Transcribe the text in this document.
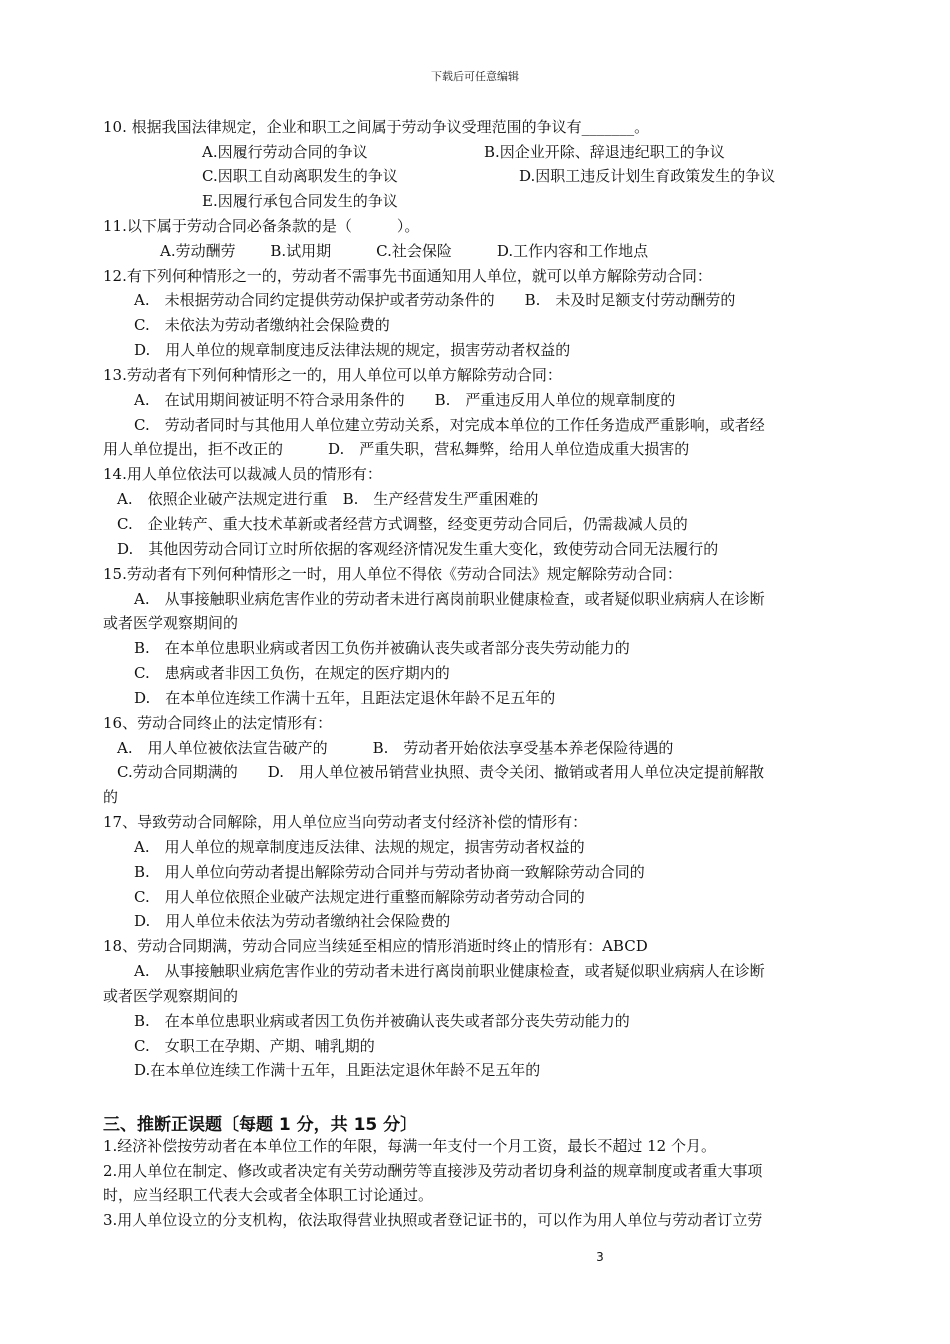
下载后可任意编辑
10. 根据我国法律规定，企业和职工之间属于劳动争议受理范围的争议有_______。
A.因履行劳动合同的争议	B.因企业开除、辞退违纪职工的争议
C.因职工自动离职发生的争议	D.因职工违反计划生育政策发生的争议
E.因履行承包合同发生的争议
11.以下属于劳动合同必备条款的是（　　　）。
A.劳动酬劳　　 B.试用期　　　C.社会保险　　　D.工作内容和工作地点
12.有下列何种情形之一的，劳动者不需事先书面通知用人单位，就可以单方解除劳动合同：
A.　未根据劳动合同约定提供劳动保护或者劳动条件的　　B.　未及时足额支付劳动酬劳的
C.　未依法为劳动者缴纳社会保险费的
D.　用人单位的规章制度违反法律法规的规定，损害劳动者权益的
13.劳动者有下列何种情形之一的，用人单位可以单方解除劳动合同：
A.　在试用期间被证明不符合录用条件的　　B.　严重违反用人单位的规章制度的
C.　劳动者同时与其他用人单位建立劳动关系，对完成本单位的工作任务造成严重影响，或者经
用人单位提出，拒不改正的　　　D.　严重失职，营私舞弊，给用人单位造成重大损害的
14.用人单位依法可以裁减人员的情形有：
A.　依照企业破产法规定进行重　B.　生产经营发生严重困难的
C.　企业转产、重大技术革新或者经营方式调整，经变更劳动合同后，仍需裁减人员的
D.　其他因劳动合同订立时所依据的客观经济情况发生重大变化，致使劳动合同无法履行的
15.劳动者有下列何种情形之一时，用人单位不得依《劳动合同法》规定解除劳动合同：
A.　从事接触职业病危害作业的劳动者未进行离岗前职业健康检查，或者疑似职业病病人在诊断
或者医学观察期间的
B.　在本单位患职业病或者因工负伤并被确认丧失或者部分丧失劳动能力的
C.　患病或者非因工负伤，在规定的医疗期内的
D.　在本单位连续工作满十五年，且距法定退休年龄不足五年的
16、劳动合同终止的法定情形有：
A.　用人单位被依法宣告破产的　　　B.　劳动者开始依法享受基本养老保险待遇的
C.劳动合同期满的　　D.　用人单位被吊销营业执照、责令关闭、撤销或者用人单位决定提前解散
的
17、导致劳动合同解除，用人单位应当向劳动者支付经济补偿的情形有：
A.　用人单位的规章制度违反法律、法规的规定，损害劳动者权益的
B.　用人单位向劳动者提出解除劳动合同并与劳动者协商一致解除劳动合同的
C.　用人单位依照企业破产法规定进行重整而解除劳动者劳动合同的
D.　用人单位未依法为劳动者缴纳社会保险费的
18、劳动合同期满，劳动合同应当续延至相应的情形消逝时终止的情形有：ABCD
A.　从事接触职业病危害作业的劳动者未进行离岗前职业健康检查，或者疑似职业病病人在诊断
或者医学观察期间的
B.　在本单位患职业病或者因工负伤并被确认丧失或者部分丧失劳动能力的
C.　女职工在孕期、产期、哺乳期的
D.在本单位连续工作满十五年，且距法定退休年龄不足五年的
三、推断正误题〔每题 1 分，共 15 分〕
1.经济补偿按劳动者在本单位工作的年限，每满一年支付一个月工资，最长不超过 12 个月。
2.用人单位在制定、修改或者决定有关劳动酬劳等直接涉及劳动者切身利益的规章制度或者重大事项
时，应当经职工代表大会或者全体职工讨论通过。
3.用人单位设立的分支机构，依法取得营业执照或者登记证书的，可以作为用人单位与劳动者订立劳
3
